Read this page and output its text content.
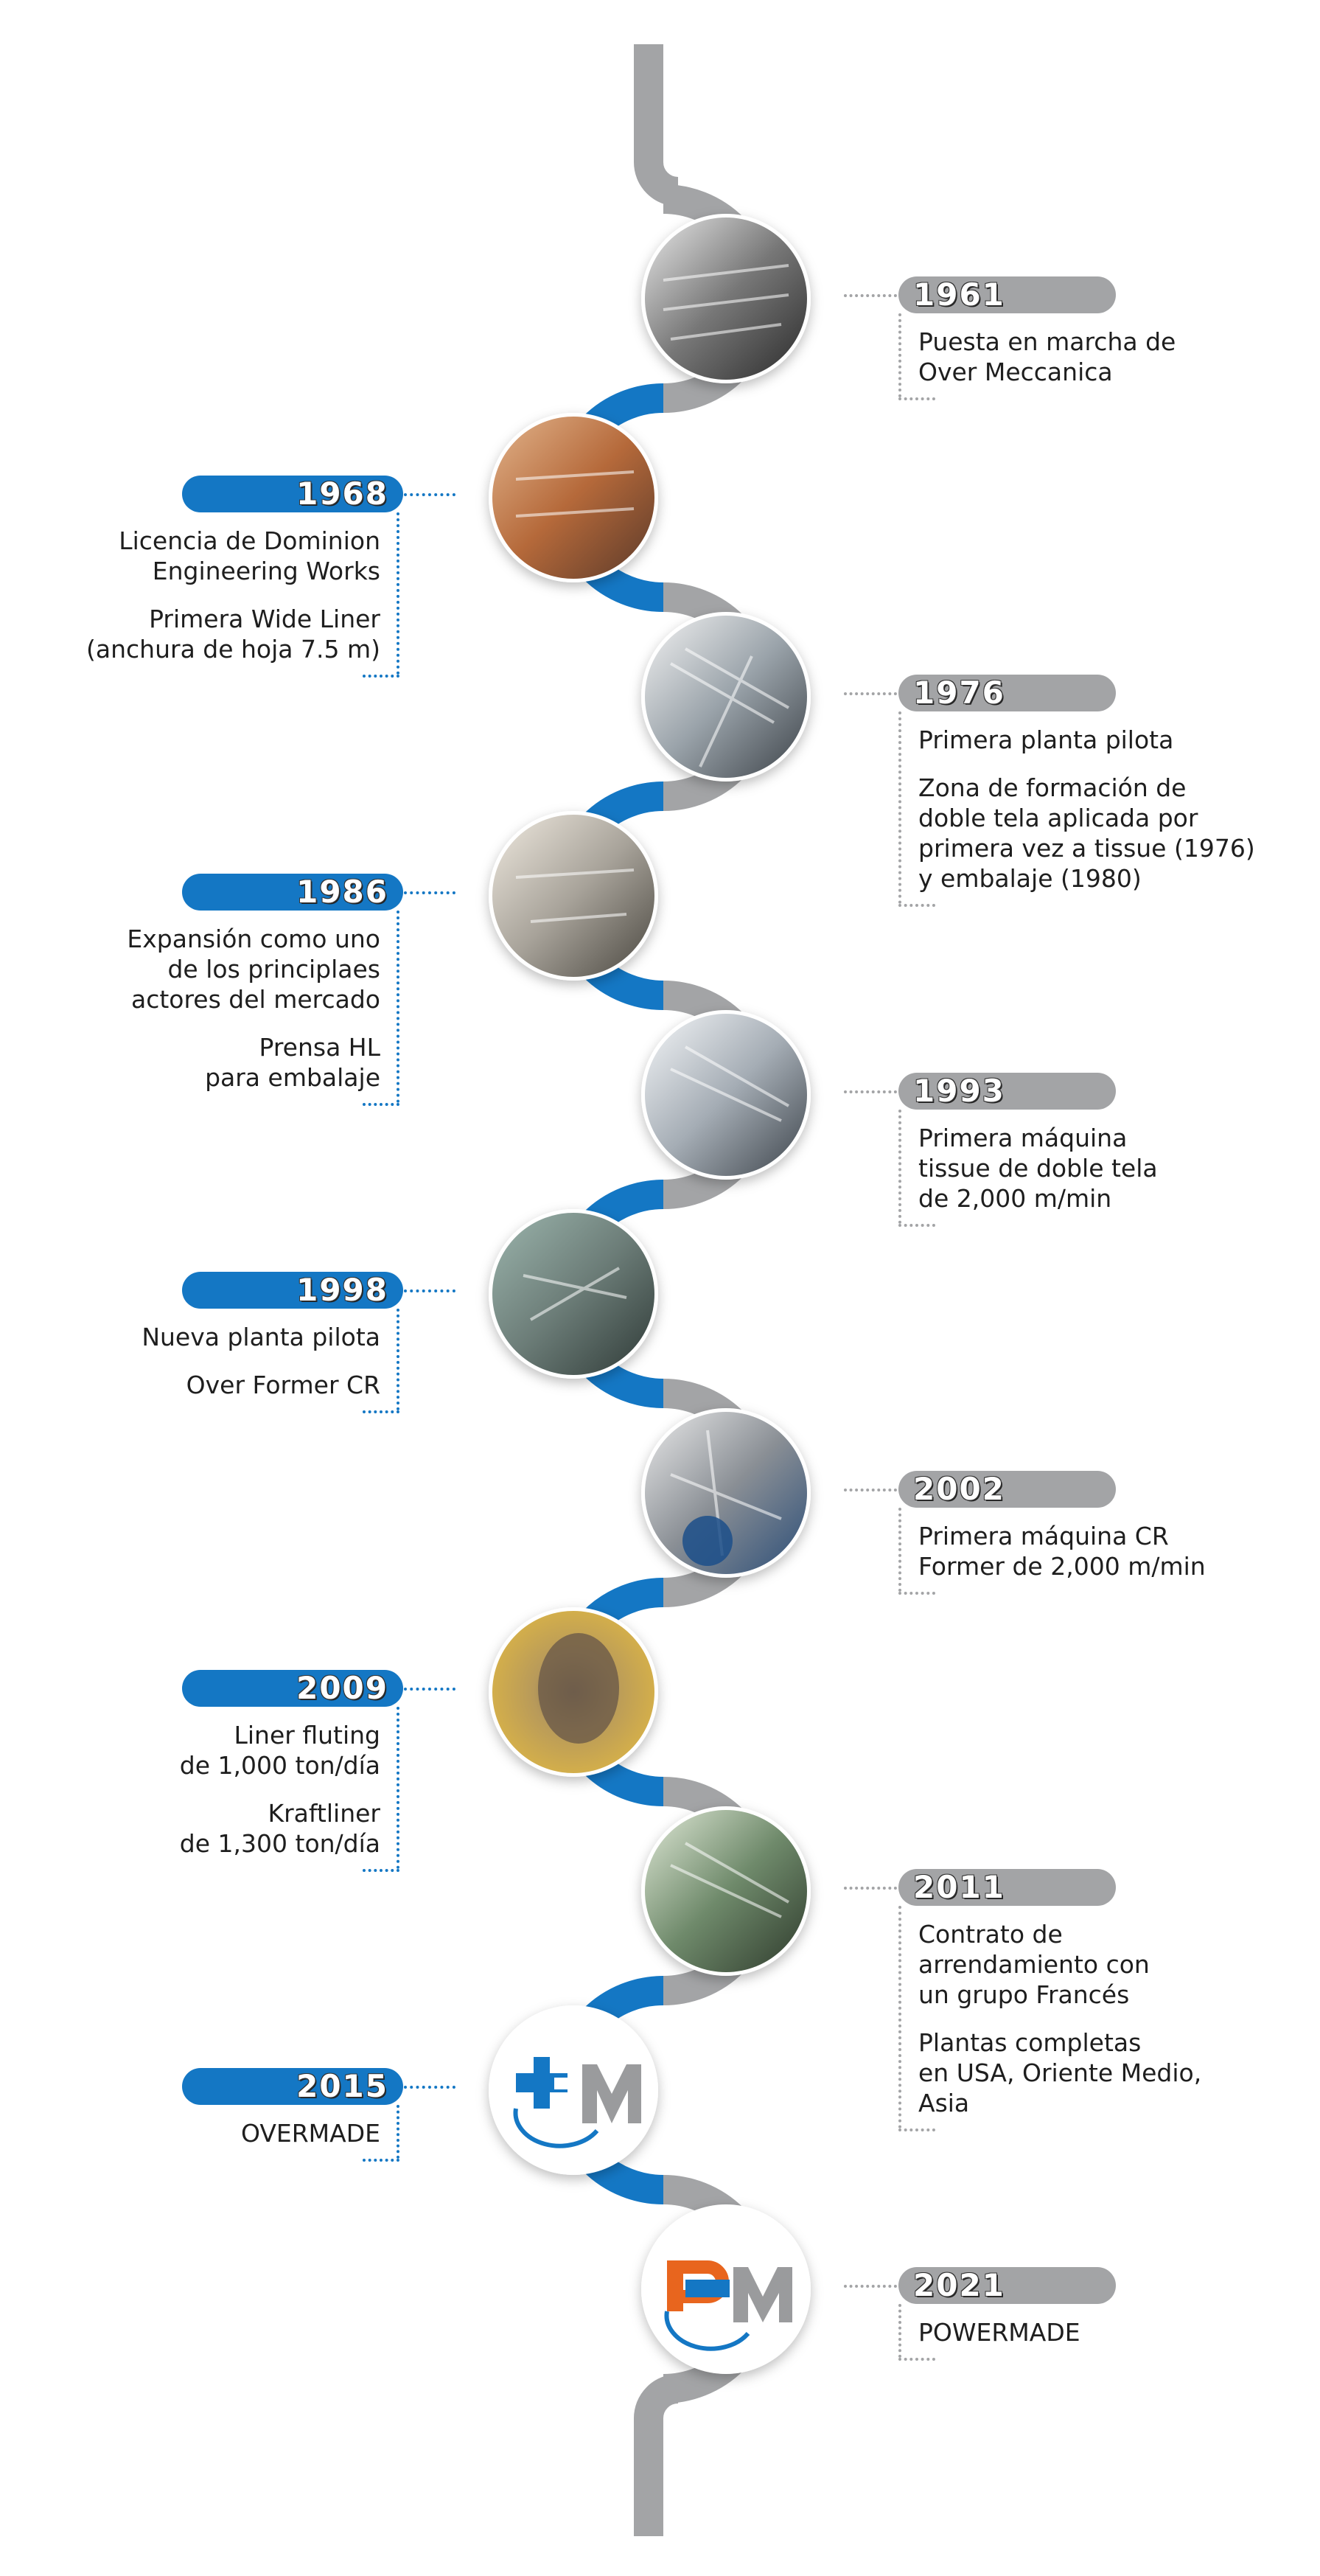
1961
Puesta en marcha de
Over Meccanica
1968
Licencia de Dominion
Engineering Works
Primera Wide Liner
(anchura de hoja 7.5 m)
1976
Primera planta pilota
Zona de formación de
doble tela aplicada por
primera vez a tissue (1976)
y embalaje (1980)
1986
Expansión como uno
de los principlaes
actores del mercado
Prensa HL
para embalaje	1993
Primera máquina
tissue de doble tela
de 2,000 m/min
1998
Nueva planta pilota
Over Former CR
2002
Primera máquina CR
Former de 2,000 m/min
2009
Liner fluting
de 1,000 ton/día
Kraftliner
de 1,300 ton/día
2011
Contrato de
arrendamiento con
un grupo Francés
Plantas completas
en USA, Oriente Medio,
Asia
2015
OVERMADE
2021
POWERMADE
